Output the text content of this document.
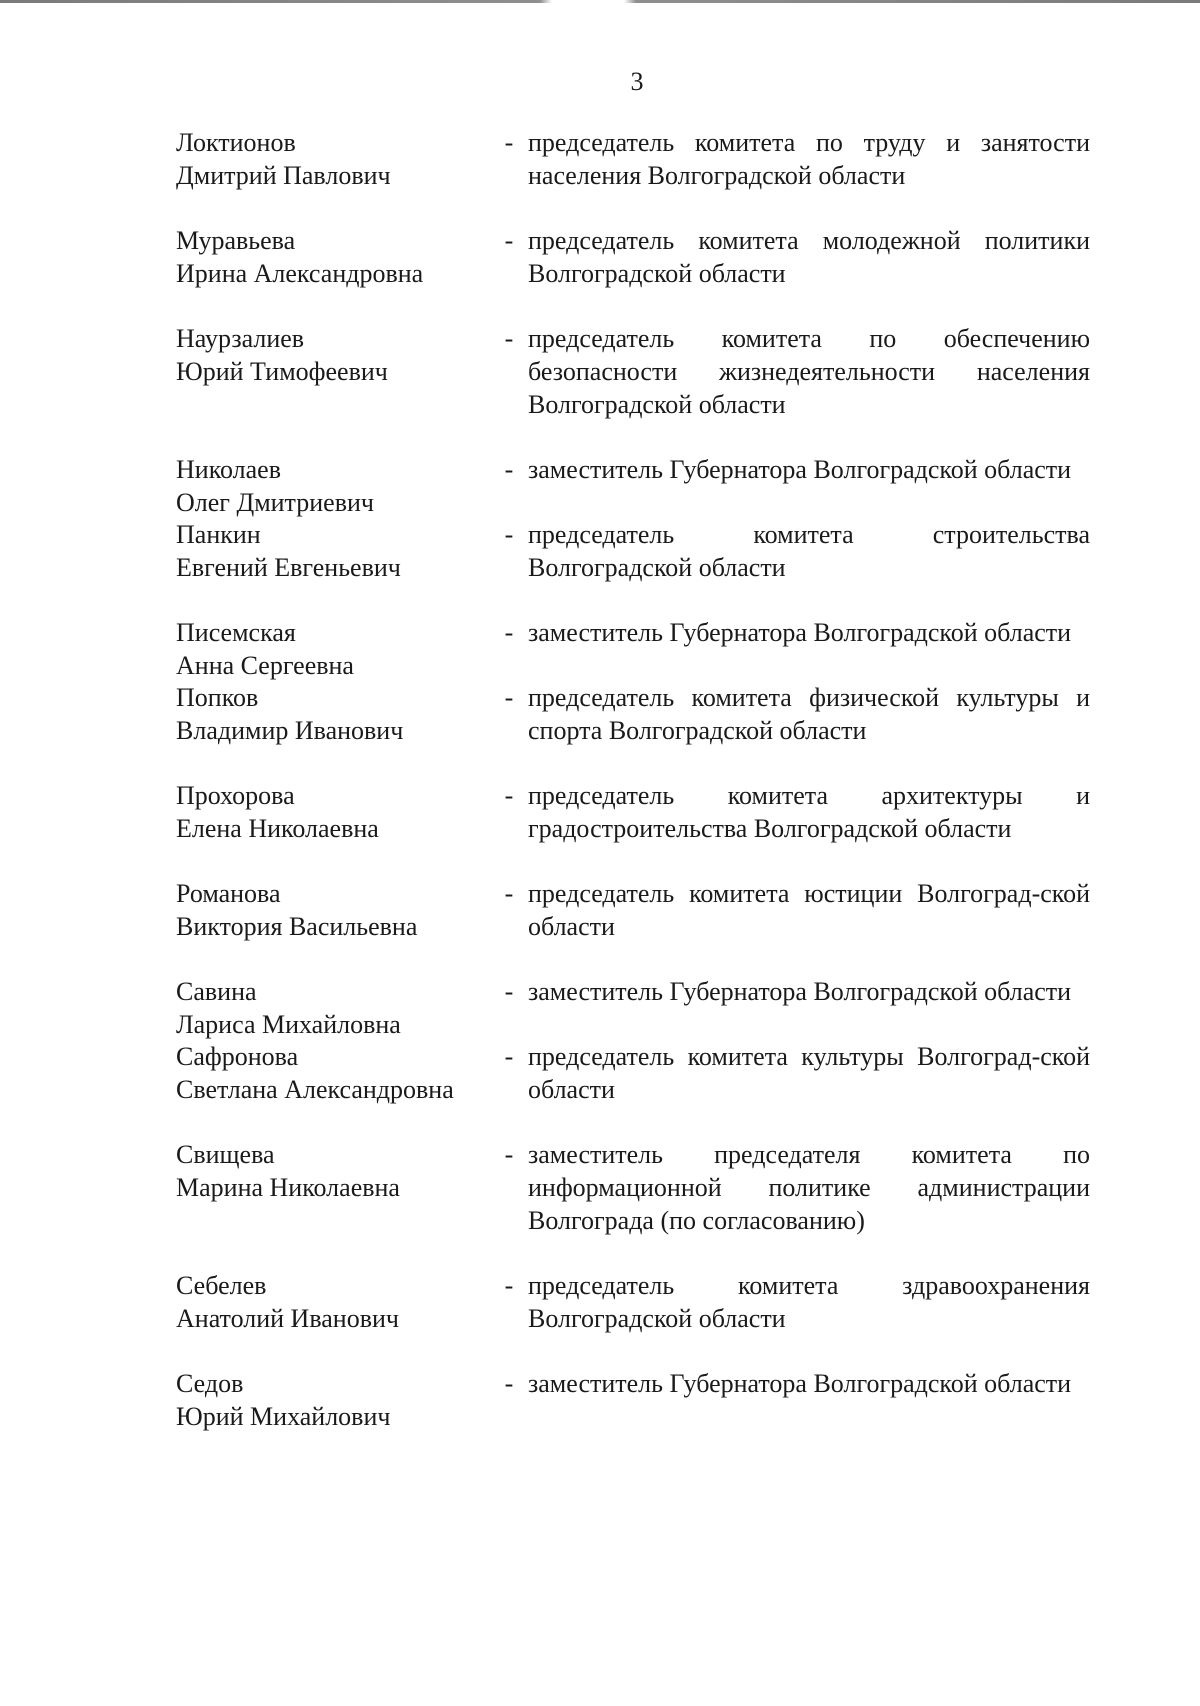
3
Локтионов
Дмитрий Павлович
- председатель комитета по труду и занятости населения Волгоградской области
Муравьева
Ирина Александровна
- председатель комитета молодежной политики Волгоградской области
Наурзалиев
Юрий Тимофеевич
- председатель комитета по обеспечению безопасности жизнедеятельности населения Волгоградской области
Николаев
Олег Дмитриевич
- заместитель Губернатора Волгоградской области
Панкин
Евгений Евгеньевич
- председатель комитета строительства Волгоградской области
Писемская
Анна Сергеевна
- заместитель Губернатора Волгоградской области
Попков
Владимир Иванович
- председатель комитета физической культуры и спорта Волгоградской области
Прохорова
Елена Николаевна
- председатель комитета архитектуры и градостроительства Волгоградской области
Романова
Виктория Васильевна
- председатель комитета юстиции Волгоград-ской области
Савина
Лариса Михайловна
- заместитель Губернатора Волгоградской области
Сафронова
Светлана Александровна
- председатель комитета культуры Волгоград-ской области
Свищева
Марина Николаевна
- заместитель председателя комитета по информационной политике администрации Волгограда (по согласованию)
Себелев
Анатолий Иванович
- председатель комитета здравоохранения Волгоградской области
Седов
Юрий Михайлович
- заместитель Губернатора Волгоградской области
